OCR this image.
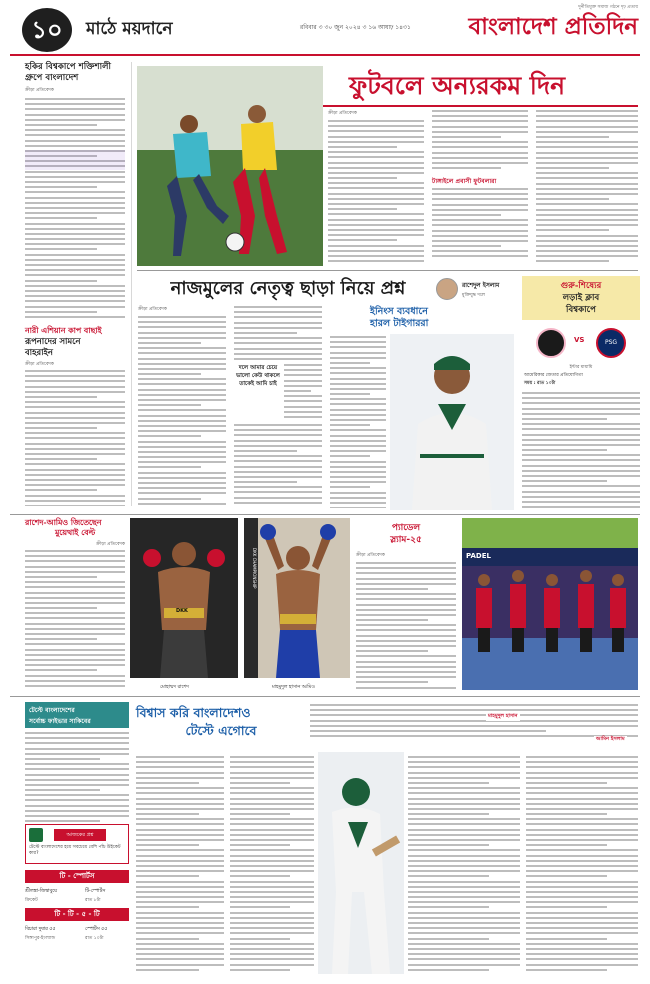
১০	মাঠে ময়দানে	রবিবার ৩ ৩০ জুন ২০২৪ ৩ ১৬ আষাঢ় ১৪৩১
দুর্নীতিমুক্ত সমাজ গঠনে দৃঢ় প্রত্যয়
বাংলাদেশ প্রতিদিন
হকির বিশ্বকাপে শক্তিশালী
গ্রুপে বাংলাদেশ
ক্রীড়া প্রতিবেদক
নারী এশিয়ান কাপ বাছাই
রূপনাদের সামনে
বাহরাইন
ক্রীড়া প্রতিবেদক
ফুটবলে অন্যরকম দিন
ক্রীড়া প্রতিবেদক
টাঙ্গাইলে প্রবাসী ফুটবলারা
নাজমুলের নেতৃত্ব ছাড়া নিয়ে প্রশ্ন	রাশেদুল ইসলাম
মুক্তিযুদ্ধ দলে
ক্রীড়া প্রতিবেদক
দলে আমার চেয়ে ভালো কেউ থাকলে তাকেই আমি চাই
ইনিংস ব্যবধানে
হারল টাইগাররা
গুরু-শিষ্যের
লড়াই ক্লাব
বিশ্বকাপে
VS	PSG
ইন্টার মায়ামি
আমেরিকার জেতার প্রতিযোগিতা
সময় : রাত ১০টা
রাশেদ-আমিও জিতেছেন
মুয়েথাই বেল্ট
ক্রীড়া প্রতিবেদক
DKK
মোহাম্মদ রাশেদ
DKK CHAMPIONSHIP
মাহমুদুল হাসান আমিও
প্যাডেল
স্ল্যাম-২৫
ক্রীড়া প্রতিবেদক	PADEL
টেস্টে বাংলাদেশের
সর্বোচ্চ ফাইভার সাকিবের
আজকের প্রশ্ন
টেস্টে বাংলাদেশের হয়ে সবচেয়ে বেশি পাঁচ উইকেট কার?
টি - স্পোর্টস
শ্রীলঙ্কা-জিম্বাবুয়ে	টি-স্পোর্টস
ক্রিকেট	রাত ৮টা
টি - টি - ৫ - টি
বিচারা দুষার ৫৫	স্পোর্টস ৫৫
সিঙ্গাপুর-ইংল্যান্ড	রাত ১০টা
বিশ্বাস করি বাংলাদেশও
টেস্টে এগোবে
মাহমুদুল হাসান
আমিন ইসলাম
